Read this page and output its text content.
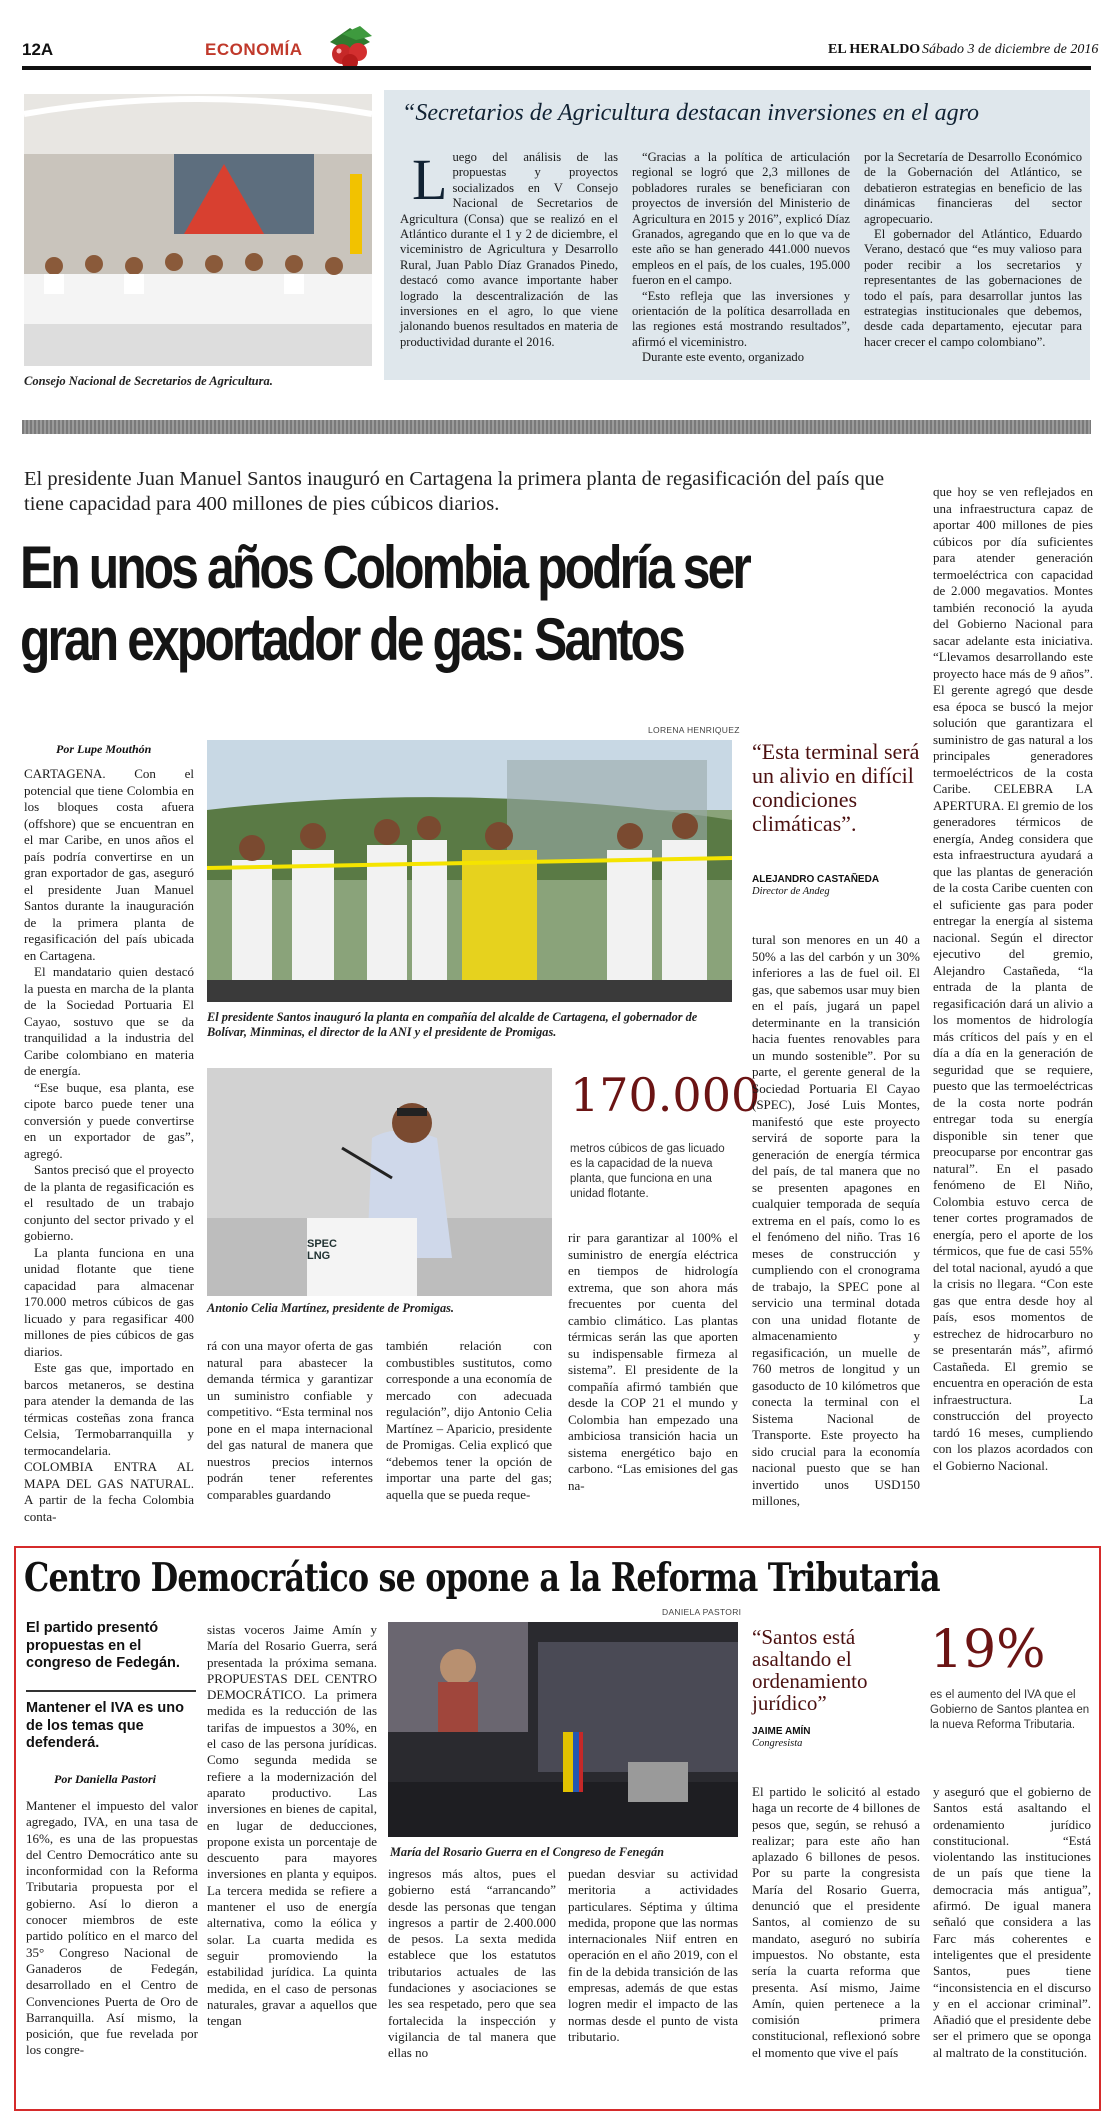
12A	ECONOMÍA	EL HERALDO Sábado 3 de diciembre de 2016
Consejo Nacional de Secretarios de Agricultura.
“Secretarios de Agricultura destacan inversiones en el agro
L uego del análisis de las propuestas y proyectos socializados en V Consejo Nacional de Secretarios de Agricultura (Consa) que se realizó en el Atlántico durante el 1 y 2 de diciembre, el viceministro de Agricultura y Desarrollo Rural, Juan Pablo Díaz Granados Pinedo, destacó como avance importante haber logrado la descentralización de las inversiones en el agro, lo que viene jalonando buenos resultados en materia de productividad durante el 2016.

“Gracias a la política de articulación regional se logró que 2,3 millones de pobladores rurales se beneficiaran con proyectos de inversión del Ministerio de Agricultura en 2015 y 2016”, explicó Díaz Granados, agregando que en lo que va de este año se han generado 441.000 nuevos empleos en el país, de los cuales, 195.000 fueron en el campo.

“Esto refleja que las inversiones y orientación de la política desarrollada en las regiones está mostrando resultados”, afirmó el viceministro.

Durante este evento, organizado

por la Secretaría de Desarrollo Económico de la Gobernación del Atlántico, se debatieron estrategias en beneficio de las dinámicas financieras del sector agropecuario.

El gobernador del Atlántico, Eduardo Verano, destacó que “es muy valioso para poder recibir a los secretarios y representantes de las gobernaciones de todo el país, para desarrollar juntos las estrategias institucionales que debemos, desde cada departamento, ejecutar para hacer crecer el campo colombiano”.

El presidente Juan Manuel Santos inauguró en Cartagena la primera planta de regasificación del país que tiene capacidad para 400 millones de pies cúbicos diarios.
En unos años Colombia podría ser gran exportador de gas: Santos
Por Lupe Mouthón
LORENA HENRIQUEZ
El presidente Santos inauguró la planta en compañía del alcalde de Cartagena, el gobernador de Bolívar, Minminas, el director de la ANI y el presidente de Promigas.
“Esta terminal será un alivio en difícil condiciones climáticas”.
ALEJANDRO CASTAÑEDA
Director de Andeg
SPEC LNG
Antonio Celia Martínez, presidente de Promigas.
170.000
metros cúbicos de gas licuado es la capacidad de la nueva planta, que funciona en una unidad flotante.

CARTAGENA. Con el potencial que tiene Colombia en los bloques costa afuera (offshore) que se encuentran en el mar Caribe, en unos años el país podría convertirse en un gran exportador de gas, aseguró el presidente Juan Manuel Santos durante la inauguración de la primera planta de regasificación del país ubicada en Cartagena.

El mandatario quien destacó la puesta en marcha de la planta de la Sociedad Portuaria El Cayao, sostuvo que se da tranquilidad a la industria del Caribe colombiano en materia de energía.

“Ese buque, esa planta, ese cipote barco puede tener una conversión y puede convertirse en un exportador de gas”, agregó.

Santos precisó que el proyecto de la planta de regasificación es el resultado de un trabajo conjunto del sector privado y el gobierno.

La planta funciona en una unidad flotante que tiene capacidad para almacenar 170.000 metros cúbicos de gas licuado y para regasificar 400 millones de pies cúbicos de gas diarios.

Este gas que, importado en barcos metaneros, se destina para atender la demanda de las térmicas costeñas zona franca Celsia, Termobarranquilla y termocandelaria.

COLOMBIA ENTRA AL MAPA DEL GAS NATURAL. A partir de la fecha Colombia conta-

rá con una mayor oferta de gas natural para abastecer la demanda térmica y garantizar un suministro confiable y competitivo. “Esta terminal nos pone en el mapa internacional del gas natural de manera que nuestros precios internos podrán tener referentes comparables guardando
también relación con combustibles sustitutos, como corresponde a una economía de mercado con adecuada regulación”, dijo Antonio Celia Martínez – Aparicio, presidente de Promigas. Celia explicó que “debemos tener la opción de importar una parte del gas; aquella que se pueda reque-
rir para garantizar al 100% el suministro de energía eléctrica en tiempos de hidrología extrema, que son ahora más frecuentes por cuenta del cambio climático. Las plantas térmicas serán las que aporten su indispensable firmeza al sistema”. El presidente de la compañía afirmó también que desde la COP 21 el mundo y Colombia han empezado una ambiciosa transición hacia un sistema energético bajo en carbono. “Las emisiones del gas na-
tural son menores en un 40 a 50% a las del carbón y un 30% inferiores a las de fuel oil. El gas, que sabemos usar muy bien en el país, jugará un papel determinante en la transición hacia fuentes renovables para un mundo sostenible”. Por su parte, el gerente general de la Sociedad Portuaria El Cayao (SPEC), José Luis Montes, manifestó que este proyecto servirá de soporte para la generación de energía térmica del país, de tal manera que no se presenten apagones en cualquier temporada de sequía extrema en el país, como lo es el fenómeno del niño. Tras 16 meses de construcción y cumpliendo con el cronograma de trabajo, la SPEC pone al servicio una terminal dotada con una unidad flotante de almacenamiento y regasificación, un muelle de 760 metros de longitud y un gasoducto de 10 kilómetros que conecta la terminal con el Sistema Nacional de Transporte. Este proyecto ha sido crucial para la economía nacional puesto que se han invertido unos USD150 millones,
que hoy se ven reflejados en una infraestructura capaz de aportar 400 millones de pies cúbicos por día suficientes para atender generación termoeléctrica con capacidad de 2.000 megavatios. Montes también reconoció la ayuda del Gobierno Nacional para sacar adelante esta iniciativa. “Llevamos desarrollando este proyecto hace más de 9 años”. El gerente agregó que desde esa época se buscó la mejor solución que garantizara el suministro de gas natural a los principales generadores termoeléctricos de la costa Caribe. CELEBRA LA APERTURA. El gremio de los generadores térmicos de energía, Andeg considera que esta infraestructura ayudará a que las plantas de generación de la costa Caribe cuenten con el suficiente gas para poder entregar la energía al sistema nacional. Según el director ejecutivo del gremio, Alejandro Castañeda, “la entrada de la planta de regasificación dará un alivio a los momentos de hidrología más críticos del país y en el día a día en la generación de seguridad que se requiere, puesto que las termoeléctricas de la costa norte podrán entregar toda su energía disponible sin tener que preocuparse por encontrar gas natural”. En el pasado fenómeno de El Niño, Colombia estuvo cerca de tener cortes programados de energía, pero el aporte de los térmicos, que fue de casi 55% del total nacional, ayudó a que la crisis no llegara. “Con este gas que entra desde hoy al país, esos momentos de estrechez de hidrocarburo no se presentarán más”, afirmó Castañeda. El gremio se encuentra en operación de esta infraestructura. La construcción del proyecto tardó 16 meses, cumpliendo con los plazos acordados con el Gobierno Nacional.
Centro Democrático se opone a la Reforma Tributaria
DANIELA PASTORI
El partido presentó propuestas en el congreso de Fedegán.
Mantener el IVA es uno de los temas que defenderá.
Por Daniella Pastori
Mantener el impuesto del valor agregado, IVA, en una tasa de 16%, es una de las propuestas del Centro Democrático ante su inconformidad con la Reforma Tributaria propuesta por el gobierno. Así lo dieron a conocer miembros de este partido político en el marco del 35° Congreso Nacional de Ganaderos de Fedegán, desarrollado en el Centro de Convenciones Puerta de Oro de Barranquilla. Así mismo, la posición, que fue revelada por los congre-
sistas voceros Jaime Amín y María del Rosario Guerra, será presentada la próxima semana. PROPUESTAS DEL CENTRO DEMOCRÁTICO. La primera medida es la reducción de las tarifas de impuestos a 30%, en el caso de las persona jurídicas. Como segunda medida se refiere a la modernización del aparato productivo. Las inversiones en bienes de capital, en lugar de deducciones, propone exista un porcentaje de descuento para mayores inversiones en planta y equipos. La tercera medida se refiere a mantener el uso de energía alternativa, como la eólica y solar. La cuarta medida es seguir promoviendo la estabilidad jurídica. La quinta medida, en el caso de personas naturales, gravar a aquellos que tengan
María del Rosario Guerra en el Congreso de Fenegán
ingresos más altos, pues el gobierno está “arrancando” desde las personas que tengan ingresos a partir de 2.400.000 de pesos. La sexta medida establece que los estatutos tributarios actuales de las fundaciones y asociaciones se les sea respetado, pero que sea fortalecida la inspección y vigilancia de tal manera que ellas no
puedan desviar su actividad meritoria a actividades particulares. Séptima y última medida, propone que las normas internacionales Niif entren en operación en el año 2019, con el fin de la debida transición de las empresas, además de que estas logren medir el impacto de las normas desde el punto de vista tributario.
“Santos está asaltando el ordenamiento jurídico”
JAIME AMÍN
Congresista
19%
es el aumento del IVA que el Gobierno de Santos plantea en la nueva Reforma Tributaria.
El partido le solicitó al estado haga un recorte de 4 billones de pesos que, según, se rehusó a realizar; para este año han aplazado 6 billones de pesos. Por su parte la congresista María del Rosario Guerra, denunció que el presidente Santos, al comienzo de su mandato, aseguró no subiría impuestos. No obstante, esta sería la cuarta reforma que presenta. Así mismo, Jaime Amín, quien pertenece a la comisión primera constitucional, reflexionó sobre el momento que vive el país
y aseguró que el gobierno de Santos está asaltando el ordenamiento jurídico constitucional. “Está violentando las instituciones de un país que tiene la democracia más antigua”, afirmó. De igual manera señaló que considera a las Farc más coherentes e inteligentes que el presidente Santos, pues tiene “inconsistencia en el discurso y en el accionar criminal”. Añadió que el presidente debe ser el primero que se oponga al maltrato de la constitución.
